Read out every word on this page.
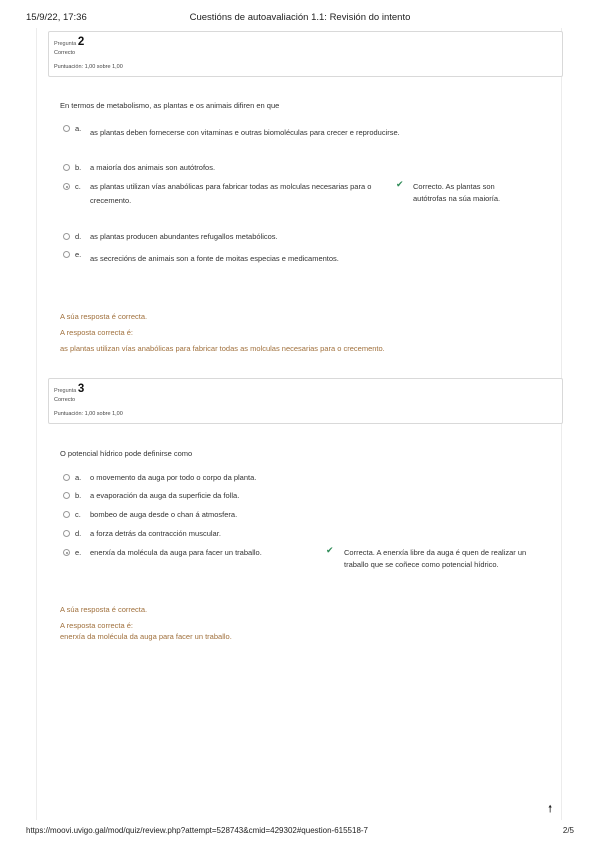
15/9/22, 17:36	Cuestións de autoavaliación 1.1: Revisión do intento
Pregunta 2
Correcto
Puntuación: 1,00 sobre 1,00
En termos de metabolismo, as plantas e os animais difiren en que
a. as plantas deben fornecerse con vitaminas e outras biomoléculas para crecer e reproducirse.
b. a maioría dos animais son autótrofos.
c. as plantas utilizan vías anabólicas para fabricar todas as molculas necesarias para o crecemento.
✔ Correcto. As plantas son autótrofas na súa maioría.
d. as plantas producen abundantes refugallos metabólicos.
e. as secrecións de animais son a fonte de moitas especias e medicamentos.
A súa resposta é correcta.
A resposta correcta é:
as plantas utilizan vías anabólicas para fabricar todas as molculas necesarias para o crecemento.
Pregunta 3
Correcto
Puntuación: 1,00 sobre 1,00
O potencial hídrico pode definirse como
a. o movemento da auga por todo o corpo da planta.
b. a evaporación da auga da superficie da folla.
c. bombeo de auga desde o chan á atmosfera.
d. a forza detrás da contracción muscular.
e. enerxía da molécula da auga para facer un traballo.	✔ Correcta. A enerxía libre da auga é quen de realizar un traballo que se coñece como potencial hídrico.
A súa resposta é correcta.
A resposta correcta é:
enerxía da molécula da auga para facer un traballo.
🠕
https://moovi.uvigo.gal/mod/quiz/review.php?attempt=528743&cmid=429302#question-615518-7	2/5
